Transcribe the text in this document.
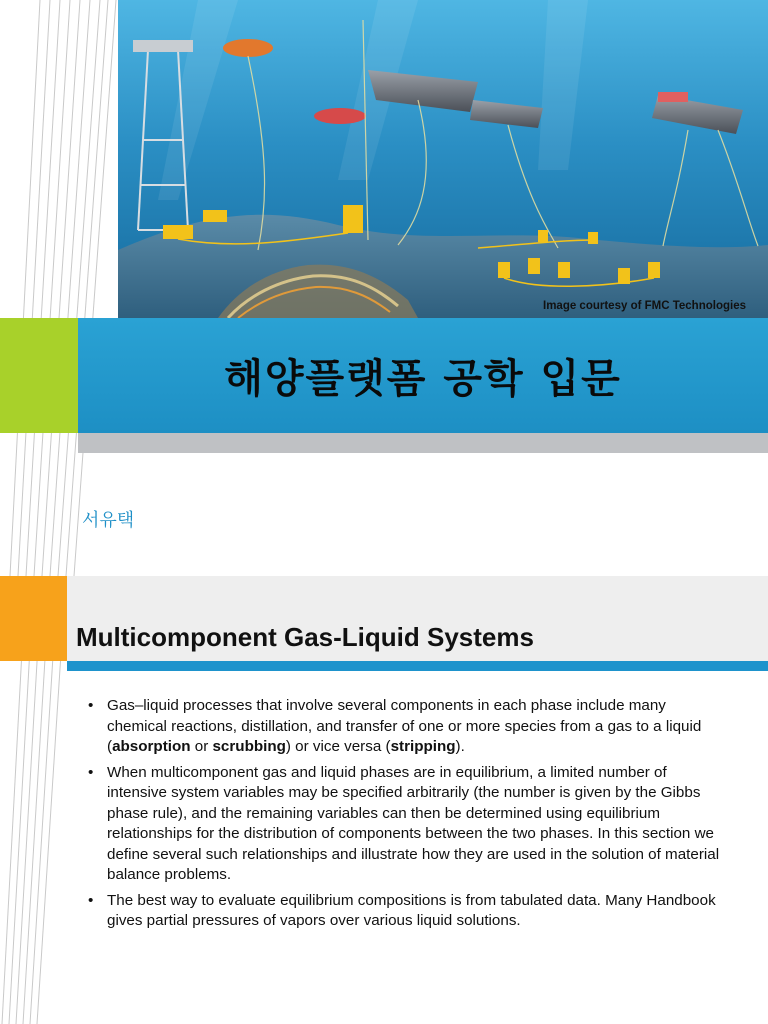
Image courtesy of FMC Technologies
해양플랫폼 공학 입문
서유택
Multicomponent Gas-Liquid Systems
• Gas–liquid processes that involve several components in each phase include many chemical reactions, distillation, and transfer of one or more species from a gas to a liquid (absorption or scrubbing) or vice versa (stripping).
• When multicomponent gas and liquid phases are in equilibrium, a limited number of intensive system variables may be specified arbitrarily (the number is given by the Gibbs phase rule), and the remaining variables can then be determined using equilibrium relationships for the distribution of components between the two phases. In this section we define several such relationships and illustrate how they are used in the solution of material balance problems.
• The best way to evaluate equilibrium compositions is from tabulated data. Many Handbook gives partial pressures of vapors over various liquid solutions.
